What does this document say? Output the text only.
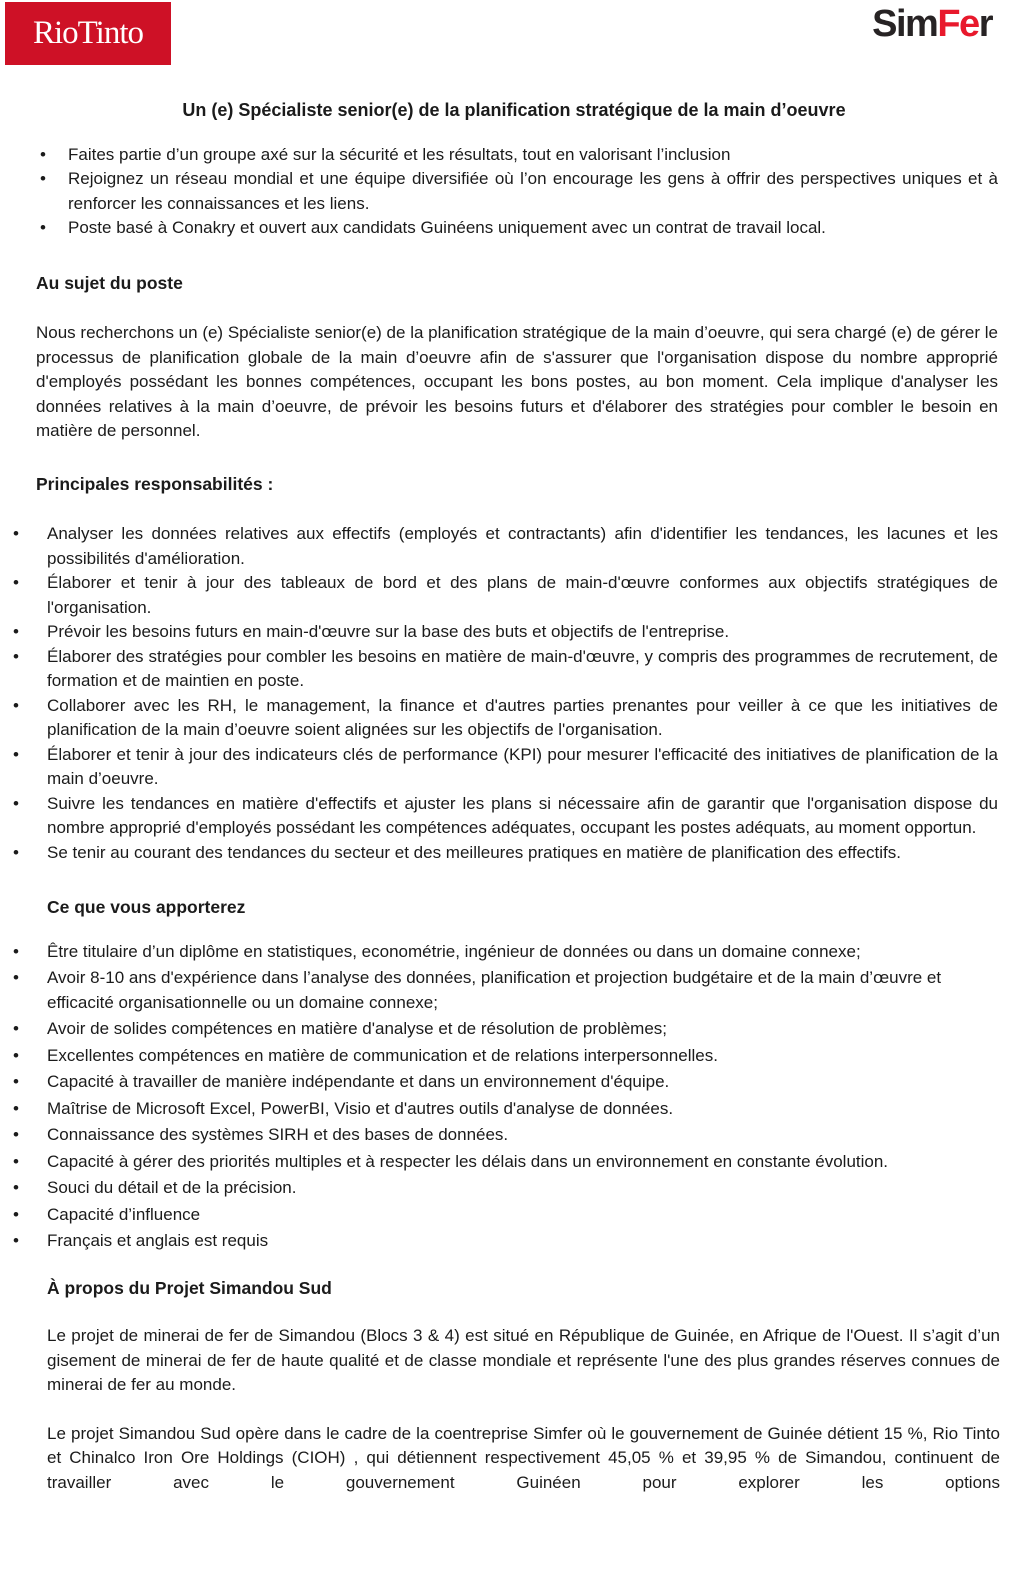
RioTinto	SimFer
Un (e) Spécialiste senior(e) de la planification stratégique de la main d’oeuvre
• Faites partie d’un groupe axé sur la sécurité et les résultats, tout en valorisant l’inclusion
• Rejoignez un réseau mondial et une équipe diversifiée où l’on encourage les gens à offrir des perspectives uniques et à renforcer les connaissances et les liens.
• Poste basé à Conakry et ouvert aux candidats Guinéens uniquement avec un contrat de travail local.
Au sujet du poste

Nous recherchons un (e) Spécialiste senior(e) de la planification stratégique de la main d’oeuvre, qui sera chargé (e) de gérer le processus de planification globale de la main d’oeuvre afin de s'assurer que l'organisation dispose du nombre approprié d'employés possédant les bonnes compétences, occupant les bons postes, au bon moment. Cela implique d'analyser les données relatives à la main d’oeuvre, de prévoir les besoins futurs et d'élaborer des stratégies pour combler le besoin en matière de personnel.

Principales responsabilités :
• Analyser les données relatives aux effectifs (employés et contractants) afin d'identifier les tendances, les lacunes et les possibilités d'amélioration.
• Élaborer et tenir à jour des tableaux de bord et des plans de main-d'œuvre conformes aux objectifs stratégiques de l'organisation.
• Prévoir les besoins futurs en main-d'œuvre sur la base des buts et objectifs de l'entreprise.
• Élaborer des stratégies pour combler les besoins en matière de main-d'œuvre, y compris des programmes de recrutement, de formation et de maintien en poste.
• Collaborer avec les RH, le management, la finance et d'autres parties prenantes pour veiller à ce que les initiatives de planification de la main d’oeuvre soient alignées sur les objectifs de l'organisation.
• Élaborer et tenir à jour des indicateurs clés de performance (KPI) pour mesurer l'efficacité des initiatives de planification de la main d’oeuvre.
• Suivre les tendances en matière d'effectifs et ajuster les plans si nécessaire afin de garantir que l'organisation dispose du nombre approprié d'employés possédant les compétences adéquates, occupant les postes adéquats, au moment opportun.
• Se tenir au courant des tendances du secteur et des meilleures pratiques en matière de planification des effectifs.
Ce que vous apporterez
• Être titulaire d’un diplôme en statistiques, econométrie, ingénieur de données ou dans un domaine connexe;
• Avoir 8-10 ans d'expérience dans l’analyse des données, planification et projection budgétaire et de la main d’œuvre et efficacité organisationnelle ou un domaine connexe;
• Avoir de solides compétences en matière d'analyse et de résolution de problèmes;
• Excellentes compétences en matière de communication et de relations interpersonnelles.
• Capacité à travailler de manière indépendante et dans un environnement d'équipe.
• Maîtrise de Microsoft Excel, PowerBI, Visio et d'autres outils d'analyse de données.
• Connaissance des systèmes SIRH et des bases de données.
• Capacité à gérer des priorités multiples et à respecter les délais dans un environnement en constante évolution.
• Souci du détail et de la précision.
• Capacité d’influence
• Français et anglais est requis
À propos du Projet Simandou Sud

Le projet de minerai de fer de Simandou (Blocs 3 & 4) est situé en République de Guinée, en Afrique de l'Ouest. Il s’agit d’un gisement de minerai de fer de haute qualité et de classe mondiale et représente l'une des plus grandes réserves connues de minerai de fer au monde.

Le projet Simandou Sud opère dans le cadre de la coentreprise Simfer où le gouvernement de Guinée détient 15 %, Rio Tinto et Chinalco Iron Ore Holdings (CIOH) , qui détiennent respectivement 45,05 % et 39,95 % de Simandou, continuent de travailler avec le gouvernement Guinéen pour explorer les options
